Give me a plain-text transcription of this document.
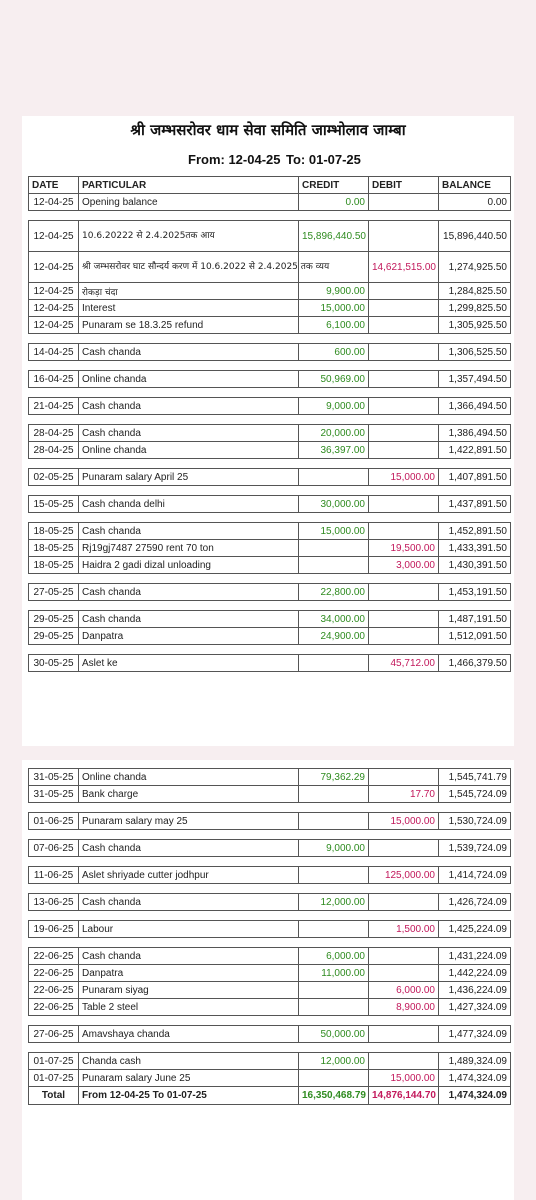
श्री जम्भसरोवर धाम सेवा समिति जाम्भोलाव जाम्बा
From: 12-04-25 To: 01-07-25
DATE	PARTICULAR	CREDIT	DEBIT	BALANCE
12-04-25	Opening balance	0.00		0.00

12-04-25	10.6.20222 से 2.4.2025तक आय	15,896,440.50		15,896,440.50
12-04-25	श्री जम्भसरोवर घाट सौन्दर्य करण में 10.6.2022 से 2.4.2025 तक व्यय		14,621,515.00	1,274,925.50
12-04-25	रोकड़ा चंदा	9,900.00		1,284,825.50
12-04-25	Interest	15,000.00		1,299,825.50
12-04-25	Punaram se 18.3.25 refund	6,100.00		1,305,925.50

14-04-25	Cash chanda	600.00		1,306,525.50

16-04-25	Online chanda	50,969.00		1,357,494.50

21-04-25	Cash chanda	9,000.00		1,366,494.50

28-04-25	Cash chanda	20,000.00		1,386,494.50
28-04-25	Online chanda	36,397.00		1,422,891.50

02-05-25	Punaram salary April 25		15,000.00	1,407,891.50

15-05-25	Cash chanda delhi	30,000.00		1,437,891.50

18-05-25	Cash chanda	15,000.00		1,452,891.50
18-05-25	Rj19gj7487 27590 rent 70 ton		19,500.00	1,433,391.50
18-05-25	Haidra 2 gadi dizal unloading		3,000.00	1,430,391.50

27-05-25	Cash chanda	22,800.00		1,453,191.50

29-05-25	Cash chanda	34,000.00		1,487,191.50
29-05-25	Danpatra	24,900.00		1,512,091.50

30-05-25	Aslet ke		45,712.00	1,466,379.50
31-05-25	Online chanda	79,362.29		1,545,741.79
31-05-25	Bank charge		17.70	1,545,724.09

01-06-25	Punaram salary may 25		15,000.00	1,530,724.09

07-06-25	Cash chanda	9,000.00		1,539,724.09

11-06-25	Aslet shriyade cutter jodhpur		125,000.00	1,414,724.09

13-06-25	Cash chanda	12,000.00		1,426,724.09

19-06-25	Labour		1,500.00	1,425,224.09

22-06-25	Cash chanda	6,000.00		1,431,224.09
22-06-25	Danpatra	11,000.00		1,442,224.09
22-06-25	Punaram siyag		6,000.00	1,436,224.09
22-06-25	Table 2 steel		8,900.00	1,427,324.09

27-06-25	Amavshaya chanda	50,000.00		1,477,324.09

01-07-25	Chanda cash	12,000.00		1,489,324.09
01-07-25	Punaram salary June 25		15,000.00	1,474,324.09
Total	From 12-04-25 To 01-07-25	16,350,468.79	14,876,144.70	1,474,324.09
